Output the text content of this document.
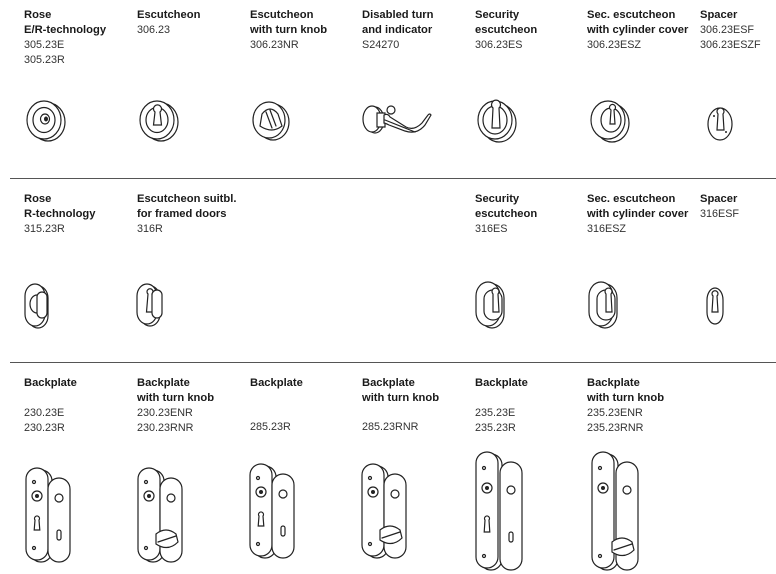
Rose
E/R-technology
305.23E
305.23R
Escutcheon
306.23
Escutcheon
with turn knob
306.23NR
Disabled turn
and indicator
S24270
Security
escutcheon
306.23ES
Sec. escutcheon
with cylinder cover
306.23ESZ
Spacer
306.23ESF
306.23ESZF
Rose
R-technology
315.23R
Escutcheon suitbl.
for framed doors
316R
Security
escutcheon
316ES
Sec. escutcheon
with cylinder cover
316ESZ
Spacer
316ESF
Backplate
230.23E
230.23R
Backplate
with turn knob
230.23ENR
230.23RNR
Backplate
285.23R
Backplate
with turn knob
285.23RNR
Backplate
235.23E
235.23R
Backplate
with turn knob
235.23ENR
235.23RNR
